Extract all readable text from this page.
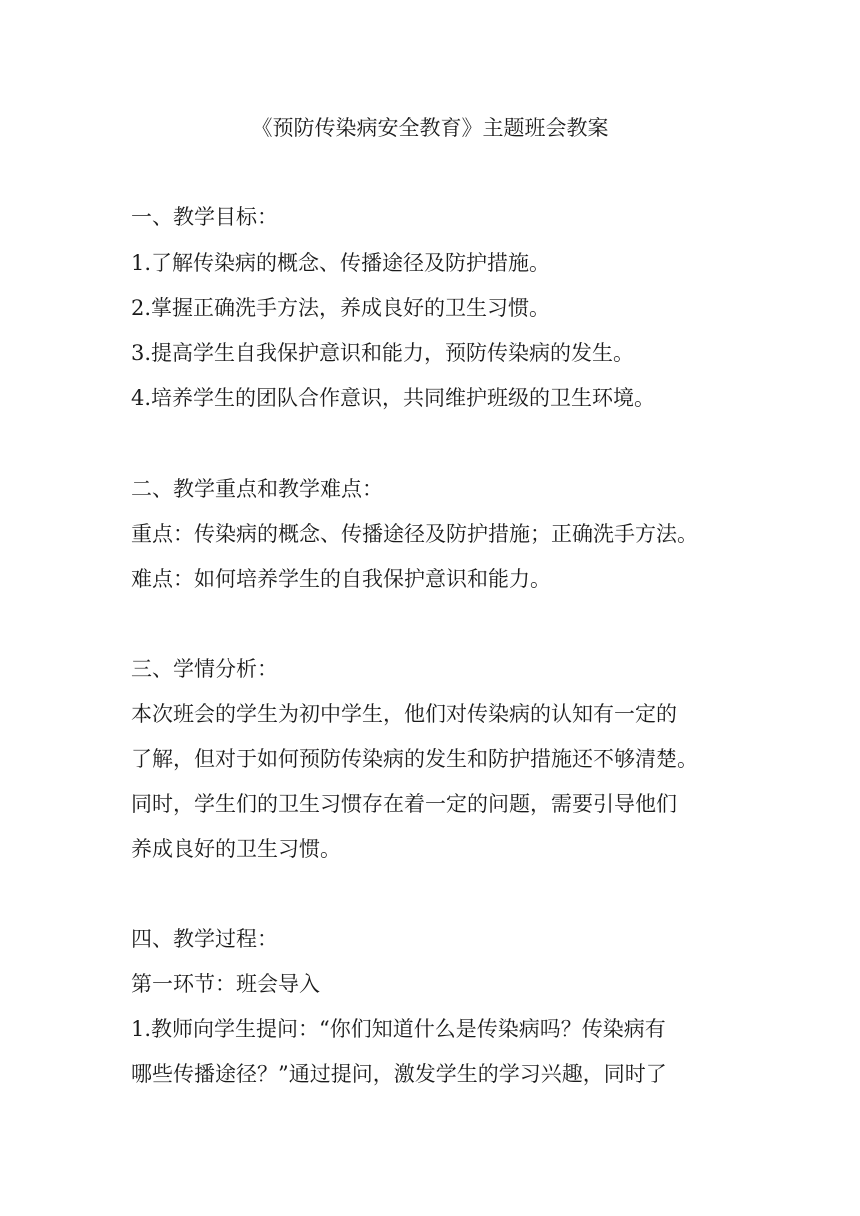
《预防传染病安全教育》主题班会教案
一、教学目标：
1.了解传染病的概念、传播途径及防护措施。
2.掌握正确洗手方法，养成良好的卫生习惯。
3.提高学生自我保护意识和能力，预防传染病的发生。
4.培养学生的团队合作意识，共同维护班级的卫生环境。
二、教学重点和教学难点：
重点：传染病的概念、传播途径及防护措施；正确洗手方法。
难点：如何培养学生的自我保护意识和能力。
三、学情分析：
本次班会的学生为初中学生，他们对传染病的认知有一定的
了解，但对于如何预防传染病的发生和防护措施还不够清楚。
同时，学生们的卫生习惯存在着一定的问题，需要引导他们
养成良好的卫生习惯。
四、教学过程：
第一环节：班会导入
1.教师向学生提问：“你们知道什么是传染病吗？传染病有
哪些传播途径？”通过提问，激发学生的学习兴趣，同时了
